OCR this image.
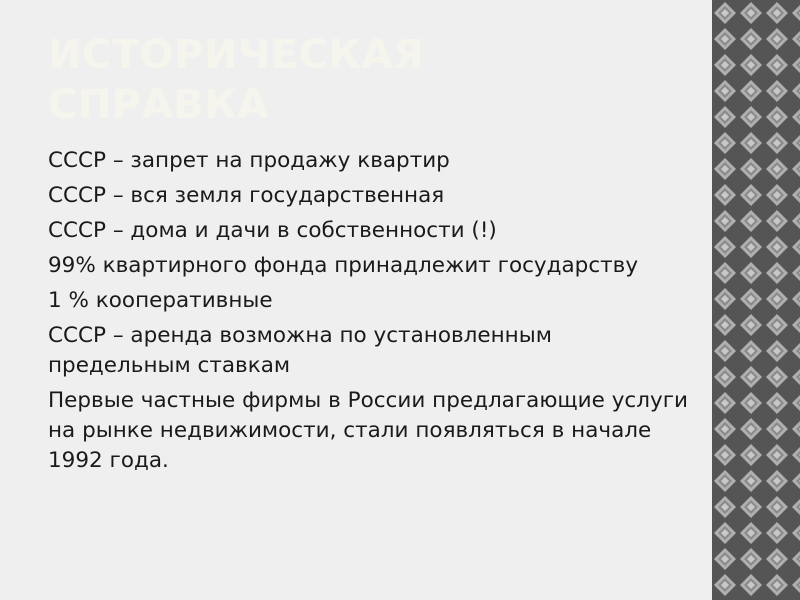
ИСТОРИЧЕСКАЯ
СПРАВКА
СССР – запрет на продажу квартир
СССР – вся земля государственная
СССР – дома и дачи в собственности (!)
99% квартирного фонда принадлежит государству
1 % кооперативные
СССР – аренда возможна по установленным предельным ставкам
Первые частные фирмы в России предлагающие услуги на рынке недвижимости, стали появляться в начале 1992 года.
